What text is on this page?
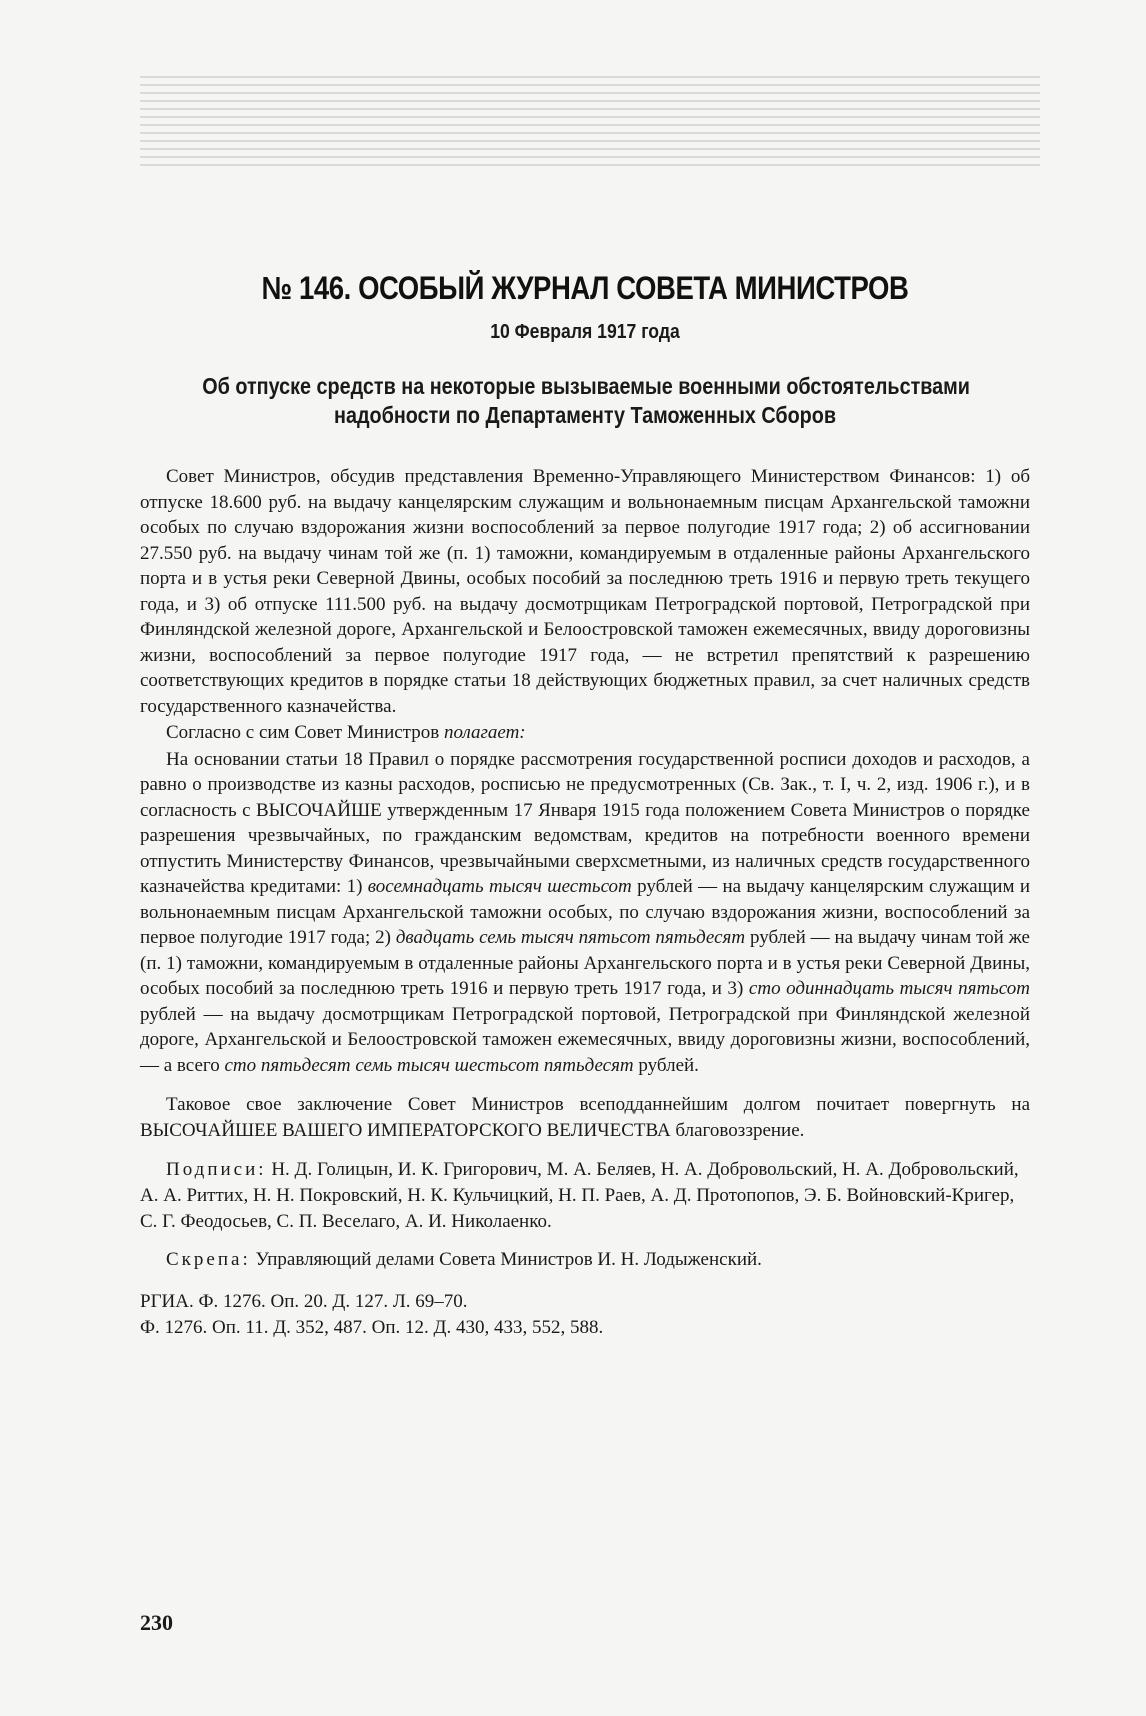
№ 146. ОСОБЫЙ ЖУРНАЛ СОВЕТА МИНИСТРОВ
10 Февраля 1917 года
Об отпуске средств на некоторые вызываемые военными обстоятельствами
надобности по Департаменту Таможенных Сборов

Совет Министров, обсудив представления Временно-Управляющего Министерством Финансов: 1) об отпуске 18.600 руб. на выдачу канцелярским служащим и вольнонаемным писцам Архангельской таможни особых по случаю вздорожания жизни воспособлений за первое полугодие 1917 года; 2) об ассигновании 27.550 руб. на выдачу чинам той же (п. 1) таможни, командируемым в отдаленные районы Архангельского порта и в устья реки Северной Двины, особых пособий за последнюю треть 1916 и первую треть текущего года, и 3) об отпуске 111.500 руб. на выдачу досмотрщикам Петроградской портовой, Петроградской при Финляндской железной дороге, Архангельской и Белоостровской таможен ежемесячных, ввиду дороговизны жизни, воспособлений за первое полугодие 1917 года, — не встретил препятствий к разрешению соответствующих кредитов в порядке статьи 18 действующих бюджетных правил, за счет наличных средств государственного казначейства.

Согласно с сим Совет Министров полагает:

На основании статьи 18 Правил о порядке рассмотрения государственной росписи доходов и расходов, а равно о производстве из казны расходов, росписью не предусмотренных (Св. Зак., т. I, ч. 2, изд. 1906 г.), и в согласность с ВЫСОЧАЙШЕ утвержденным 17 Января 1915 года положением Совета Министров о порядке разрешения чрезвычайных, по гражданским ведомствам, кредитов на потребности военного времени отпустить Министерству Финансов, чрезвычайными сверхсметными, из наличных средств государственного казначейства кредитами: 1) восемнадцать тысяч шестьсот рублей — на выдачу канцелярским служащим и вольнонаемным писцам Архангельской таможни особых, по случаю вздорожания жизни, воспособлений за первое полугодие 1917 года; 2) двадцать семь тысяч пятьсот пятьдесят рублей — на выдачу чинам той же (п. 1) таможни, командируемым в отдаленные районы Архангельского порта и в устья реки Северной Двины, особых пособий за последнюю треть 1916 и первую треть 1917 года, и 3) сто одиннадцать тысяч пятьсот рублей — на выдачу досмотрщикам Петроградской портовой, Петроградской при Финляндской железной дороге, Архангельской и Белоостровской таможен ежемесячных, ввиду дороговизны жизни, воспособлений, — а всего сто пятьдесят семь тысяч шестьсот пятьдесят рублей.

Таковое свое заключение Совет Министров всеподданнейшим долгом почитает повергнуть на ВЫСОЧАЙШЕЕ ВАШЕГО ИМПЕРАТОРСКОГО ВЕЛИЧЕСТВА благовоззрение.

Подписи: Н. Д. Голицын, И. К. Григорович, М. А. Беляев, Н. А. Добровольский, Н. А. Добровольский, А. А. Риттих, Н. Н. Покровский, Н. К. Кульчицкий, Н. П. Раев, А. Д. Протопопов, Э. Б. Войновский-Кригер, С. Г. Феодосьев, С. П. Веселаго, А. И. Николаенко.

Скрепа: Управляющий делами Совета Министров И. Н. Лодыженский.

РГИА. Ф. 1276. Оп. 20. Д. 127. Л. 69–70.
Ф. 1276. Оп. 11. Д. 352, 487. Оп. 12. Д. 430, 433, 552, 588.
230
